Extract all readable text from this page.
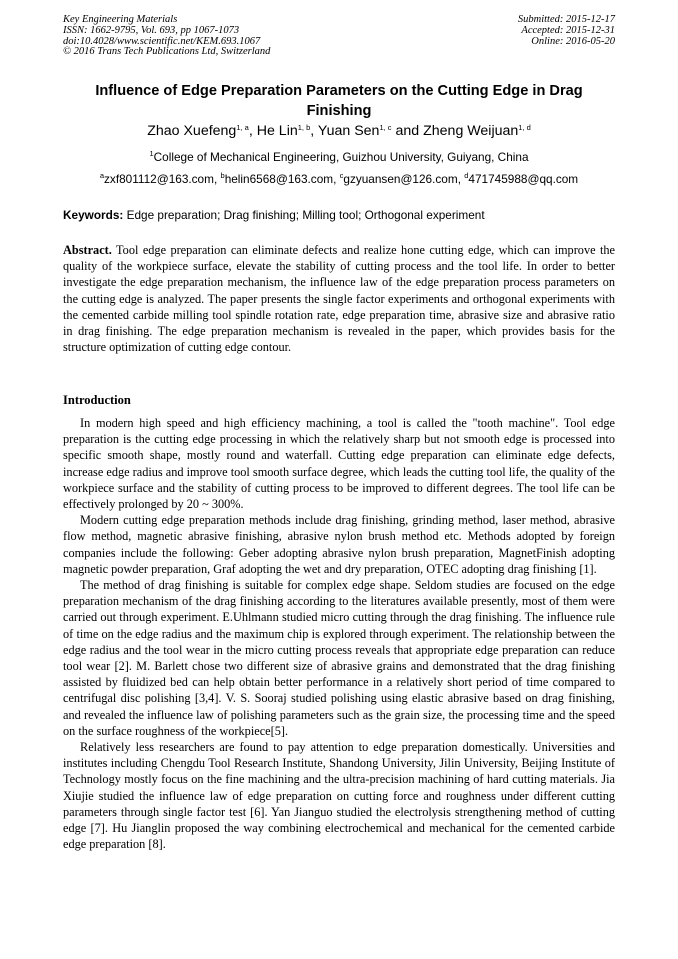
Key Engineering Materials
ISSN: 1662-9795, Vol. 693, pp 1067-1073
doi:10.4028/www.scientific.net/KEM.693.1067
© 2016 Trans Tech Publications Ltd, Switzerland
Submitted: 2015-12-17
Accepted: 2015-12-31
Online: 2016-05-20
Influence of Edge Preparation Parameters on the Cutting Edge in Drag Finishing
Zhao Xuefeng$^{1, a}$, He Lin$^{1, b}$, Yuan Sen$^{1, c}$ and Zheng Weijuan$^{1, d}$
$^1$College of Mechanical Engineering, Guizhou University, Guiyang, China
$^a$zxf801112@163.com, $^b$helin6568@163.com, $^c$gzyuansen@126.com, $^d$471745988@qq.com
Keywords: Edge preparation; Drag finishing; Milling tool; Orthogonal experiment
Abstract. Tool edge preparation can eliminate defects and realize hone cutting edge, which can improve the quality of the workpiece surface, elevate the stability of cutting process and the tool life. In order to better investigate the edge preparation mechanism, the influence law of the edge preparation process parameters on the cutting edge is analyzed. The paper presents the single factor experiments and orthogonal experiments with the cemented carbide milling tool spindle rotation rate, edge preparation time, abrasive size and abrasive ratio in drag finishing. The edge preparation mechanism is revealed in the paper, which provides basis for the structure optimization of cutting edge contour.
Introduction

In modern high speed and high efficiency machining, a tool is called the "tooth machine". Tool edge preparation is the cutting edge processing in which the relatively sharp but not smooth edge is processed into specific smooth shape, mostly round and waterfall. Cutting edge preparation can eliminate edge defects, increase edge radius and improve tool smooth surface degree, which leads the cutting tool life, the quality of the workpiece surface and the stability of cutting process to be improved to different degrees. The tool life can be effectively prolonged by 20 ~ 300%.

Modern cutting edge preparation methods include drag finishing, grinding method, laser method, abrasive flow method, magnetic abrasive finishing, abrasive nylon brush method etc. Methods adopted by foreign companies include the following: Geber adopting abrasive nylon brush preparation, MagnetFinish adopting magnetic powder preparation, Graf adopting the wet and dry preparation, OTEC adopting drag finishing [1].

The method of drag finishing is suitable for complex edge shape. Seldom studies are focused on the edge preparation mechanism of the drag finishing according to the literatures available presently, most of them were carried out through experiment. E.Uhlmann studied micro cutting through the drag finishing. The influence rule of time on the edge radius and the maximum chip is explored through experiment. The relationship between the edge radius and the tool wear in the micro cutting process reveals that appropriate edge preparation can reduce tool wear [2]. M. Barlett chose two different size of abrasive grains and demonstrated that the drag finishing assisted by fluidized bed can help obtain better performance in a relatively short period of time compared to centrifugal disc polishing [3,4]. V. S. Sooraj studied polishing using elastic abrasive based on drag finishing, and revealed the influence law of polishing parameters such as the grain size, the processing time and the speed on the surface roughness of the workpiece[5].

Relatively less researchers are found to pay attention to edge preparation domestically. Universities and institutes including Chengdu Tool Research Institute, Shandong University, Jilin University, Beijing Institute of Technology mostly focus on the fine machining and the ultra-precision machining of hard cutting materials. Jia Xiujie studied the influence law of edge preparation on cutting force and roughness under different cutting parameters through single factor test [6]. Yan Jianguo studied the electrolysis strengthening method of cutting edge [7]. Hu Jianglin proposed the way combining electrochemical and mechanical for the cemented carbide edge preparation [8].
